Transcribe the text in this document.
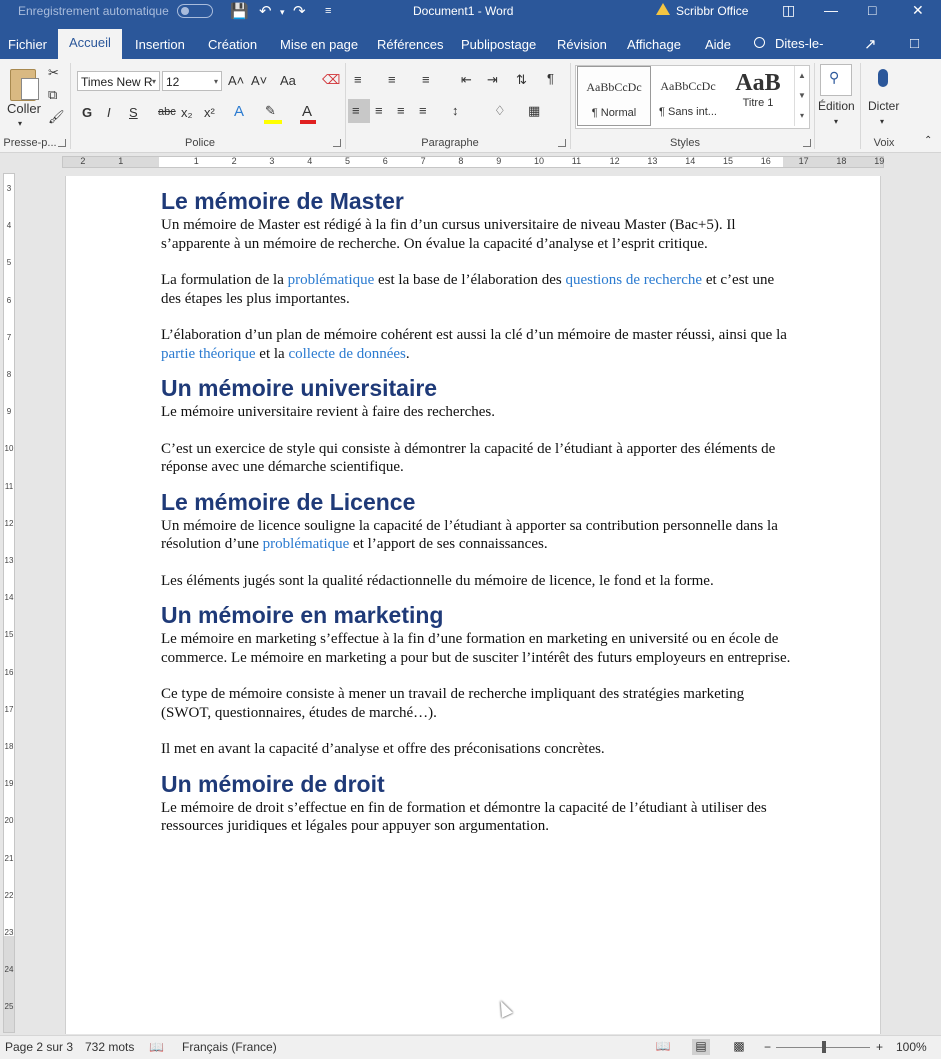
Enregistrement automatique	💾 ↶ ▾ ↷ ≡	Document1 - Word	Scribbr Office ◫ — □	✕
Fichier	Accueil	Insertion Création Mise en page Références Publipostage Révision Affichage Aide	Dites-le-	↗ □
Coller
▾
✂
⧉
🖌
Presse-p...
Times New R ▾ 12	▾ A˄ A˅ Aa ⌫
G I S abc x₂ x² A ✎ A
Police
≡ ≡ ≡ ⇤ ⇥ ⇅ ¶
≡ ≡ ≡ ≡ ↕	♢ ▦
Paragraphe
AaBbCcDc
¶ Normal
AaBbCcDc
¶ Sans int...
AaB
Titre 1
▲
▼
▾
Styles
⚲
Édition
▾
Dicter
▾
Voix	⌃
2	1	1	2	3	4	5	6	7	8	9	10	11	12	13	14	15	16	17	18	19
3
4
5
6
7
8
9
10
11
12
13
14
15
16
17
18
19
20
21
22
23
24
25
Le mémoire de Master

Un mémoire de Master est rédigé à la fin d’un cursus universitaire de niveau Master (Bac+5). Il s’apparente à un mémoire de recherche. On évalue la capacité d’analyse et l’esprit critique.

La formulation de la problématique est la base de l’élaboration des questions de recherche et c’est une des étapes les plus importantes.

L’élaboration d’un plan de mémoire cohérent est aussi la clé d’un mémoire de master réussi, ainsi que la partie théorique et la collecte de données.

Un mémoire universitaire

Le mémoire universitaire revient à faire des recherches.

C’est un exercice de style qui consiste à démontrer la capacité de l’étudiant à apporter des éléments de réponse avec une démarche scientifique.

Le mémoire de Licence

Un mémoire de licence souligne la capacité de l’étudiant à apporter sa contribution personnelle dans la résolution d’une problématique et l’apport de ses connaissances.

Les éléments jugés sont la qualité rédactionnelle du mémoire de licence, le fond et la forme.

Un mémoire en marketing

Le mémoire en marketing s’effectue à la fin d’une formation en marketing en université ou en école de commerce. Le mémoire en marketing a pour but de susciter l’intérêt des futurs employeurs en entreprise.

Ce type de mémoire consiste à mener un travail de recherche impliquant des stratégies marketing (SWOT, questionnaires, études de marché…).

Il met en avant la capacité d’analyse et offre des préconisations concrètes.

Un mémoire de droit

Le mémoire de droit s’effectue en fin de formation et démontre la capacité de l’étudiant à utiliser des ressources juridiques et légales pour appuyer son argumentation.

Page 2 sur 3 732 mots 📖 Français (France)	📖 ▤ ▩ −	+ 100%
